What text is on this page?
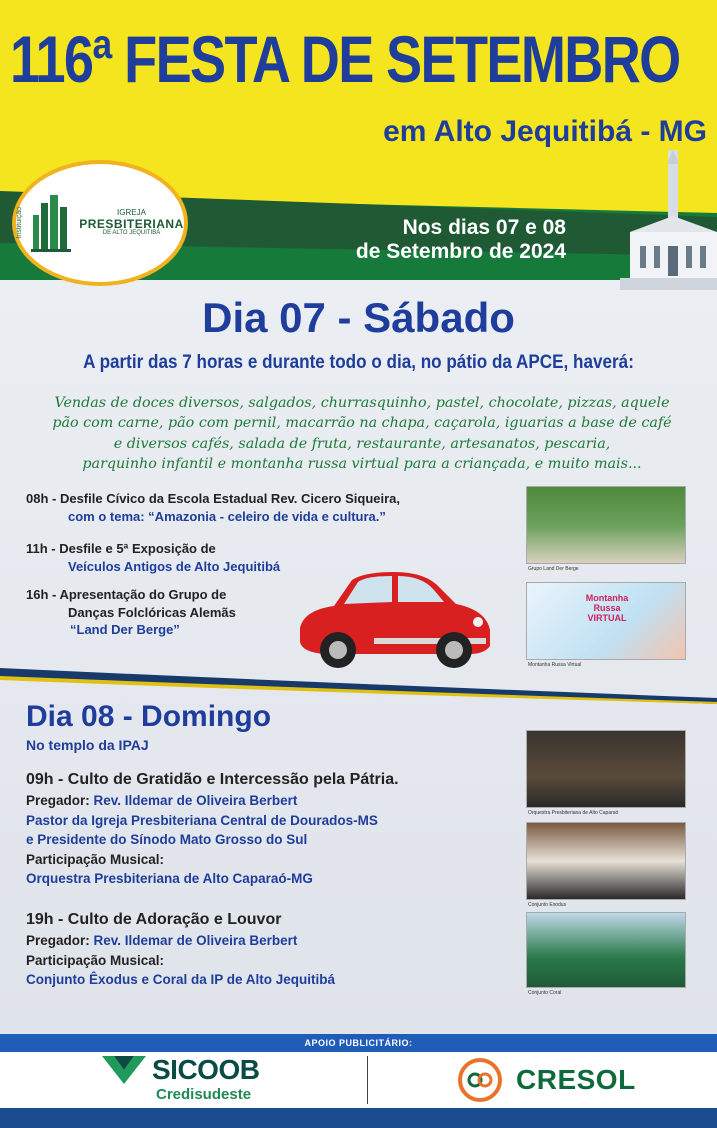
116ª FESTA DE SETEMBRO
em Alto Jequitibá - MG
Instituição	IGREJA
PRESBITERIANA
DE ALTO JEQUITIBÁ	Nos dias 07 e 08
de Setembro de 2024
Dia 07 - Sábado
A partir das 7 horas e durante todo o dia, no pátio da APCE, haverá:
Vendas de doces diversos, salgados, churrasquinho, pastel, chocolate, pizzas, aquele
pão com carne, pão com pernil, macarrão na chapa, caçarola, iguarias a base de café
e diversos cafés, salada de fruta, restaurante, artesanatos, pescaria,
parquinho infantil e montanha russa virtual para a criançada, e muito mais...
08h - Desfile Cívico da Escola Estadual Rev. Cicero Siqueira,
com o tema: “Amazonia - celeiro de vida e cultura.”
11h - Desfile e 5ª Exposição de
Veículos Antigos de Alto Jequitibá
16h - Apresentação do Grupo de
Danças Folclóricas Alemãs
“Land Der Berge”
Grupo Land Der Berge
Montanha Russa VIRTUAL
Montanha Russa Virtual
Dia 08 - Domingo
No templo da IPAJ
09h - Culto de Gratidão e Intercessão pela Pátria.
Pregador: Rev. Ildemar de Oliveira Berbert
Pastor da Igreja Presbiteriana Central de Dourados-MS
e Presidente do Sínodo Mato Grosso do Sul
Participação Musical:
Orquestra Presbiteriana de Alto Caparaó-MG
19h - Culto de Adoração e Louvor
Pregador: Rev. Ildemar de Oliveira Berbert
Participação Musical:
Conjunto Êxodus e Coral da IP de Alto Jequitibá
Orquestra Presbiteriana de Alto Caparaó
Conjunto Exodus
Conjunto Coral
APOIO PUBLICITÁRIO:
SICOOB
Credisudeste	CRESOL
